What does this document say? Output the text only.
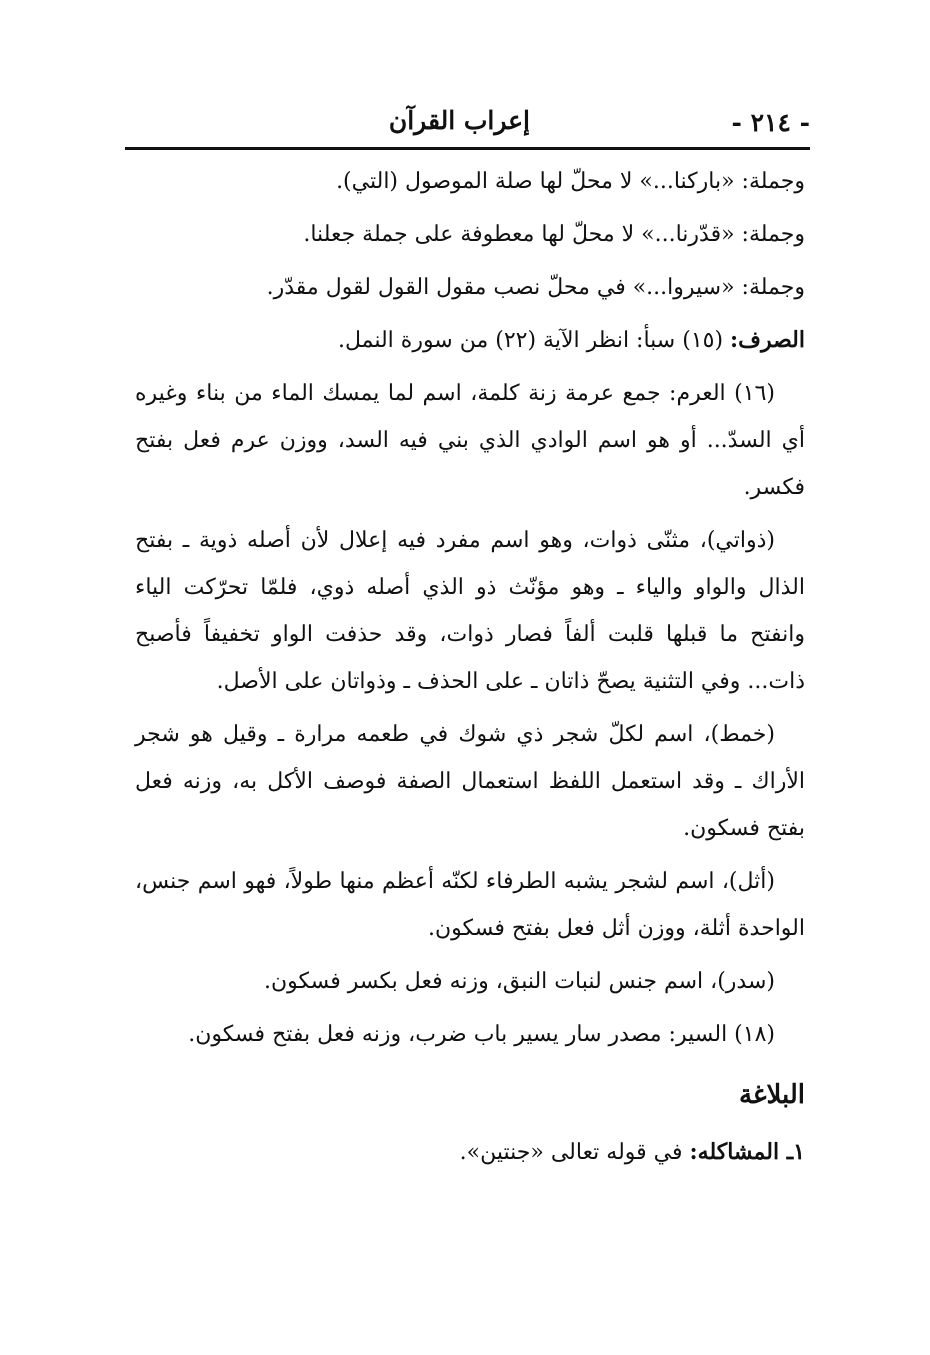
- ٢١٤ -
إعراب القرآن

وجملة: «باركنا...» لا محلّ لها صلة الموصول (التي).

وجملة: «قدّرنا...» لا محلّ لها معطوفة على جملة جعلنا.

وجملة: «سيروا...» في محلّ نصب مقول القول لقول مقدّر.

الصرف: (١٥) سبأ: انظر الآية (٢٢) من سورة النمل.

(١٦) العرم: جمع عرمة زنة كلمة، اسم لما يمسك الماء من بناء وغيره أي السدّ... أو هو اسم الوادي الذي بني فيه السد، ووزن عرم فعل بفتح فكسر.

(ذواتي)، مثنّى ذوات، وهو اسم مفرد فيه إعلال لأن أصله ذوية ـ بفتح الذال والواو والياء ـ وهو مؤنّث ذو الذي أصله ذوي، فلمّا تحرّكت الياء وانفتح ما قبلها قلبت ألفاً فصار ذوات، وقد حذفت الواو تخفيفاً فأصبح ذات... وفي التثنية يصحّ ذاتان ـ على الحذف ـ وذواتان على الأصل.

(خمط)، اسم لكلّ شجر ذي شوك في طعمه مرارة ـ وقيل هو شجر الأراك ـ وقد استعمل اللفظ استعمال الصفة فوصف الأكل به، وزنه فعل بفتح فسكون.

(أثل)، اسم لشجر يشبه الطرفاء لكنّه أعظم منها طولاً، فهو اسم جنس، الواحدة أثلة، ووزن أثل فعل بفتح فسكون.

(سدر)، اسم جنس لنبات النبق، وزنه فعل بكسر فسكون.

(١٨) السير: مصدر سار يسير باب ضرب، وزنه فعل بفتح فسكون.

البلاغة

١ـ المشاكله: في قوله تعالى «جنتين».
